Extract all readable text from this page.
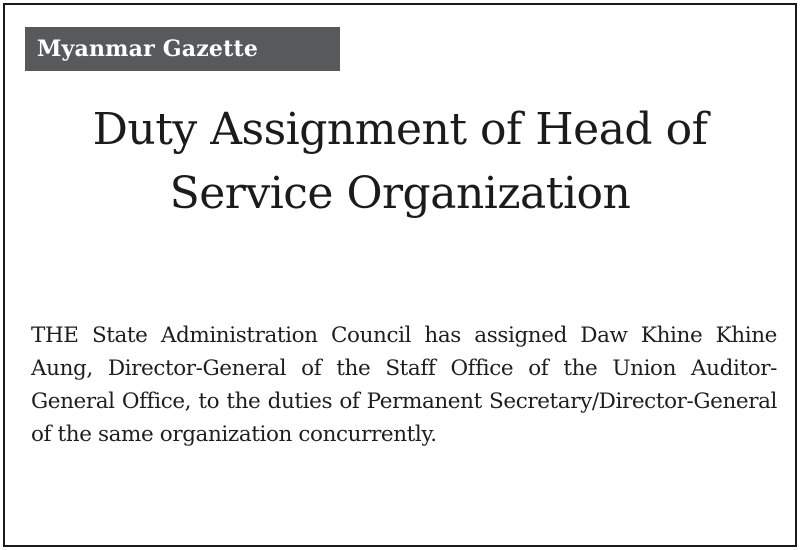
Myanmar Gazette
Duty Assignment of Head of Service Organization

THE State Administration Council has assigned Daw Khine Khine Aung, Director-General of the Staff Office of the Union Auditor-General Office, to the duties of Permanent Secretary/Director-General of the same organization concurrently.
